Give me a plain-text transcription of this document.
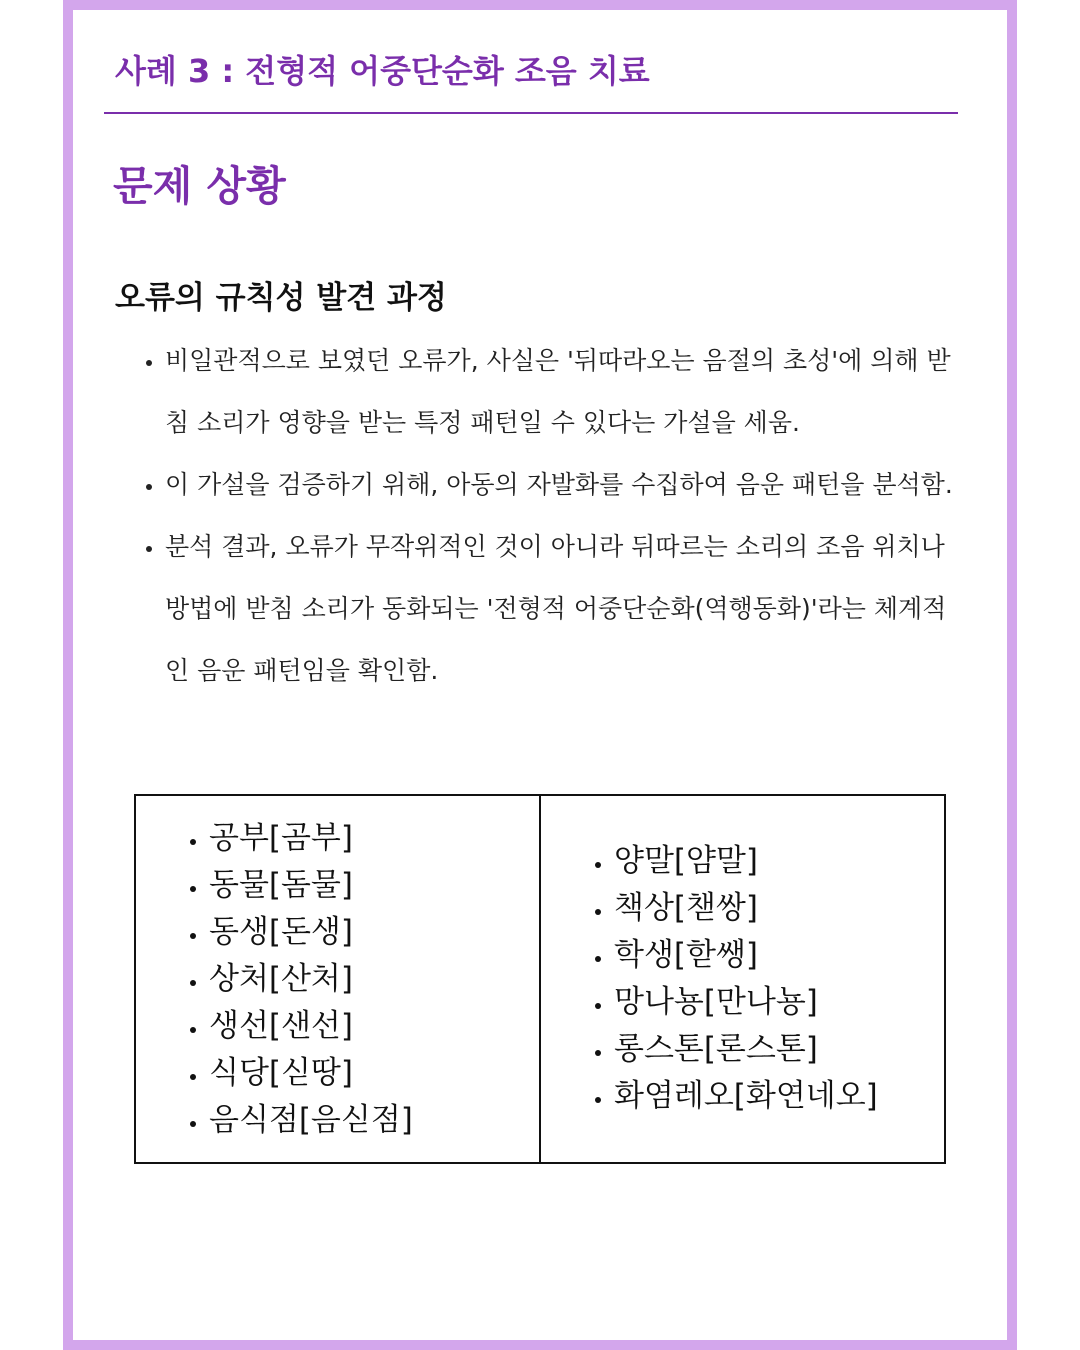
사례 3 : 전형적 어중단순화 조음 치료
문제 상황
오류의 규칙성 발견 과정
• 비일관적으로 보였던 오류가, 사실은 '뒤따라오는 음절의 초성'에 의해 받침 소리가 영향을 받는 특정 패턴일 수 있다는 가설을 세움.
• 이 가설을 검증하기 위해, 아동의 자발화를 수집하여 음운 패턴을 분석함.
• 분석 결과, 오류가 무작위적인 것이 아니라 뒤따르는 소리의 조음 위치나 방법에 받침 소리가 동화되는 '전형적 어중단순화(역행동화)'라는 체계적인 음운 패턴임을 확인함.
• 공부[곰부]
• 동물[돔물]
• 동생[돈생]
• 상처[산처]
• 생선[샌선]
• 식당[싣땅]
• 음식점[음싣점]

• 양말[얌말]
• 책상[챋쌍]
• 학생[핟쌩]
• 망나뇽[만나뇽]
• 롱스톤[론스톤]
• 화염레오[화연네오]
